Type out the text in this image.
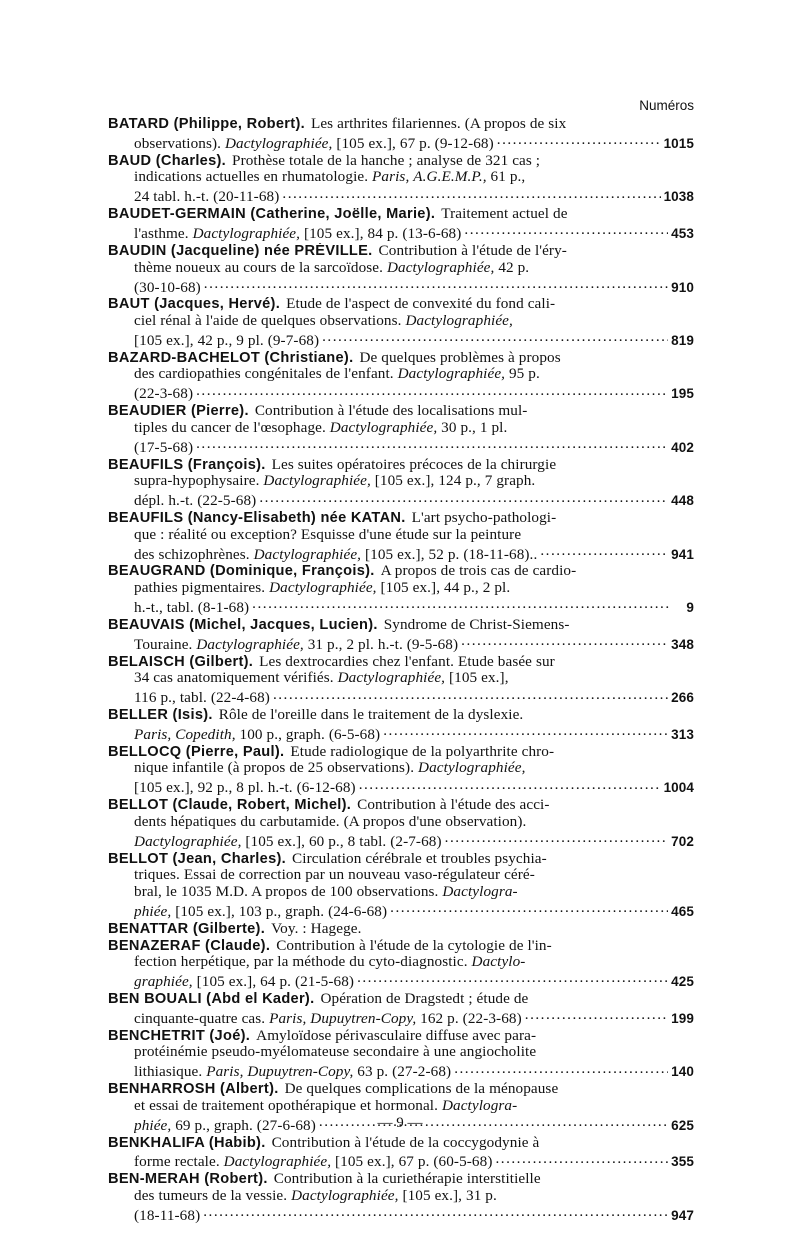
Numéros
BATARD (Philippe, Robert). Les arthrites filariennes. (A propos de six
observations). Dactylographiée, [105 ex.], 67 p. (9-12-68) .....	1015
BAUD (Charles). Prothèse totale de la hanche ; analyse de 321 cas ;
indications actuelles en rhumatologie. Paris, A.G.E.M.P., 61 p.,
24 tabl. h.-t. (20-11-68) .....	1038
BAUDET-GERMAIN (Catherine, Joëlle, Marie). Traitement actuel de
l'asthme. Dactylographiée, [105 ex.], 84 p. (13-6-68) .....	453
BAUDIN (Jacqueline) née PRÉVILLE. Contribution à l'étude de l'éry-
thème noueux au cours de la sarcoïdose. Dactylographiée, 42 p.
(30-10-68) .....	910
BAUT (Jacques, Hervé). Etude de l'aspect de convexité du fond cali-
ciel rénal à l'aide de quelques observations. Dactylographiée,
[105 ex.], 42 p., 9 pl. (9-7-68) .....	819
BAZARD-BACHELOT (Christiane). De quelques problèmes à propos
des cardiopathies congénitales de l'enfant. Dactylographiée, 95 p.
(22-3-68) .....	195
BEAUDIER (Pierre). Contribution à l'étude des localisations mul-
tiples du cancer de l'œsophage. Dactylographiée, 30 p., 1 pl.
(17-5-68) .....	402
BEAUFILS (François). Les suites opératoires précoces de la chirurgie
supra-hypophysaire. Dactylographiée, [105 ex.], 124 p., 7 graph.
dépl. h.-t. (22-5-68) .....	448
BEAUFILS (Nancy-Elisabeth) née KATAN. L'art psycho-pathologi-
que : réalité ou exception? Esquisse d'une étude sur la peinture
des schizophrènes. Dactylographiée, [105 ex.], 52 p. (18-11-68).. .....	941
BEAUGRAND (Dominique, François). A propos de trois cas de cardio-
pathies pigmentaires. Dactylographiée, [105 ex.], 44 p., 2 pl.
h.-t., tabl. (8-1-68) .....	9
BEAUVAIS (Michel, Jacques, Lucien). Syndrome de Christ-Siemens-
Touraine. Dactylographiée, 31 p., 2 pl. h.-t. (9-5-68) .....	348
BELAISCH (Gilbert). Les dextrocardies chez l'enfant. Etude basée sur
34 cas anatomiquement vérifiés. Dactylographiée, [105 ex.],
116 p., tabl. (22-4-68) .....	266
BELLER (Isis). Rôle de l'oreille dans le traitement de la dyslexie.
Paris, Copedith, 100 p., graph. (6-5-68) .....	313
BELLOCQ (Pierre, Paul). Etude radiologique de la polyarthrite chro-
nique infantile (à propos de 25 observations). Dactylographiée,
[105 ex.], 92 p., 8 pl. h.-t. (6-12-68) .....	1004
BELLOT (Claude, Robert, Michel). Contribution à l'étude des acci-
dents hépatiques du carbutamide. (A propos d'une observation).
Dactylographiée, [105 ex.], 60 p., 8 tabl. (2-7-68) .....	702
BELLOT (Jean, Charles). Circulation cérébrale et troubles psychia-
triques. Essai de correction par un nouveau vaso-régulateur céré-
bral, le 1035 M.D. A propos de 100 observations. Dactylogra-
phiée, [105 ex.], 103 p., graph. (24-6-68) .....	465
BENATTAR (Gilberte). Voy. : Hagege.
BENAZERAF (Claude). Contribution à l'étude de la cytologie de l'in-
fection herpétique, par la méthode du cyto-diagnostic. Dactylo-
graphiée, [105 ex.], 64 p. (21-5-68) .....	425
BEN BOUALI (Abd el Kader). Opération de Dragstedt ; étude de
cinquante-quatre cas. Paris, Dupuytren-Copy, 162 p. (22-3-68) .....	199
BENCHETRIT (Joé). Amyloïdose périvasculaire diffuse avec para-
protéinémie pseudo-myélomateuse secondaire à une angiocholite
lithiasique. Paris, Dupuytren-Copy, 63 p. (27-2-68) .....	140
BENHARROSH (Albert). De quelques complications de la ménopause
et essai de traitement opothérapique et hormonal. Dactylogra-
phiée, 69 p., graph. (27-6-68) .....	625
BENKHALIFA (Habib). Contribution à l'étude de la coccygodynie à
forme rectale. Dactylographiée, [105 ex.], 67 p. (60-5-68) .....	355
BEN-MERAH (Robert). Contribution à la curiethérapie interstitielle
des tumeurs de la vessie. Dactylographiée, [105 ex.], 31 p.
(18-11-68) .....	947
— 9 —
